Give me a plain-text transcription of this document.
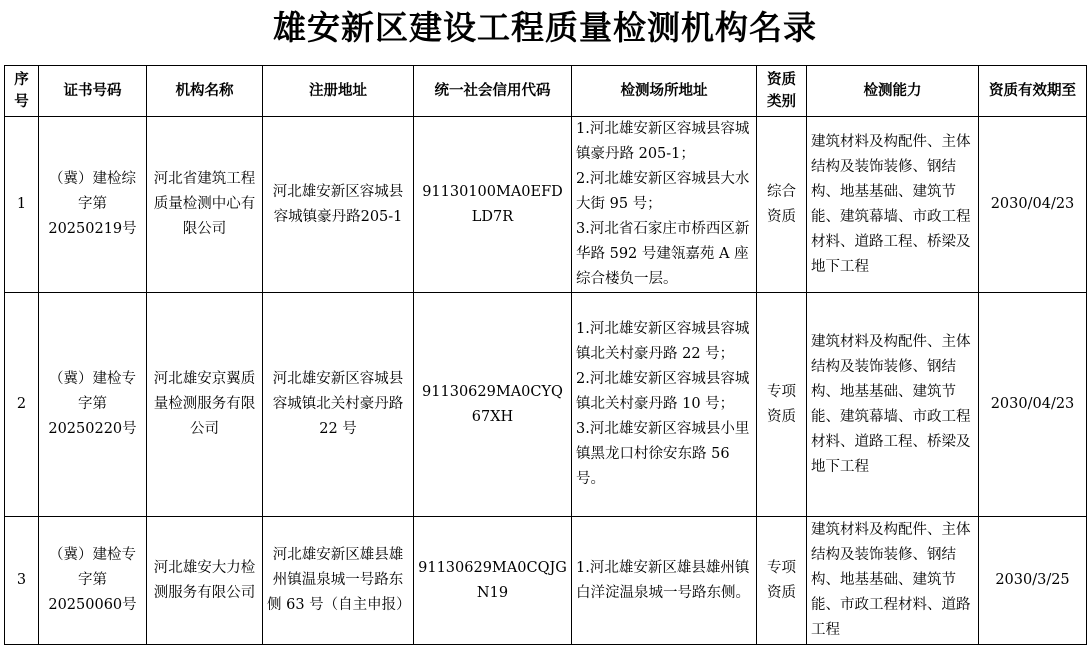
雄安新区建设工程质量检测机构名录
序号	证书号码	机构名称	注册地址	统一社会信用代码	检测场所地址	资质类别	检测能力	资质有效期至
1	（冀）建检综字第20250219号	河北省建筑工程质量检测中心有限公司	河北雄安新区容城县容城镇豪丹路205-1	91130100MA0EFDLD7R	1.河北雄安新区容城县容城镇豪丹路 205-1；
2.河北雄安新区容城县大水大街 95 号；
3.河北省石家庄市桥西区新华路 592 号建瓴嘉苑 A 座综合楼负一层。	综合资质	建筑材料及构配件、主体结构及装饰装修、钢结构、地基基础、建筑节能、建筑幕墙、市政工程材料、道路工程、桥梁及地下工程	2030/04/23
2	（冀）建检专字第20250220号	河北雄安京翼质量检测服务有限公司	河北雄安新区容城县容城镇北关村豪丹路 22 号	91130629MA0CYQ67XH	1.河北雄安新区容城县容城镇北关村豪丹路 22 号；
2.河北雄安新区容城县容城镇北关村豪丹路 10 号；
3.河北雄安新区容城县小里镇黑龙口村徐安东路 56 号。	专项资质	建筑材料及构配件、主体结构及装饰装修、钢结构、地基基础、建筑节能、建筑幕墙、市政工程材料、道路工程、桥梁及地下工程	2030/04/23
3	（冀）建检专字第20250060号	河北雄安大力检测服务有限公司	河北雄安新区雄县雄州镇温泉城一号路东侧 63 号（自主申报）	91130629MA0CQJGN19	1.河北雄安新区雄县雄州镇白洋淀温泉城一号路东侧。	专项资质	建筑材料及构配件、主体结构及装饰装修、钢结构、地基基础、建筑节能、市政工程材料、道路工程	2030/3/25
